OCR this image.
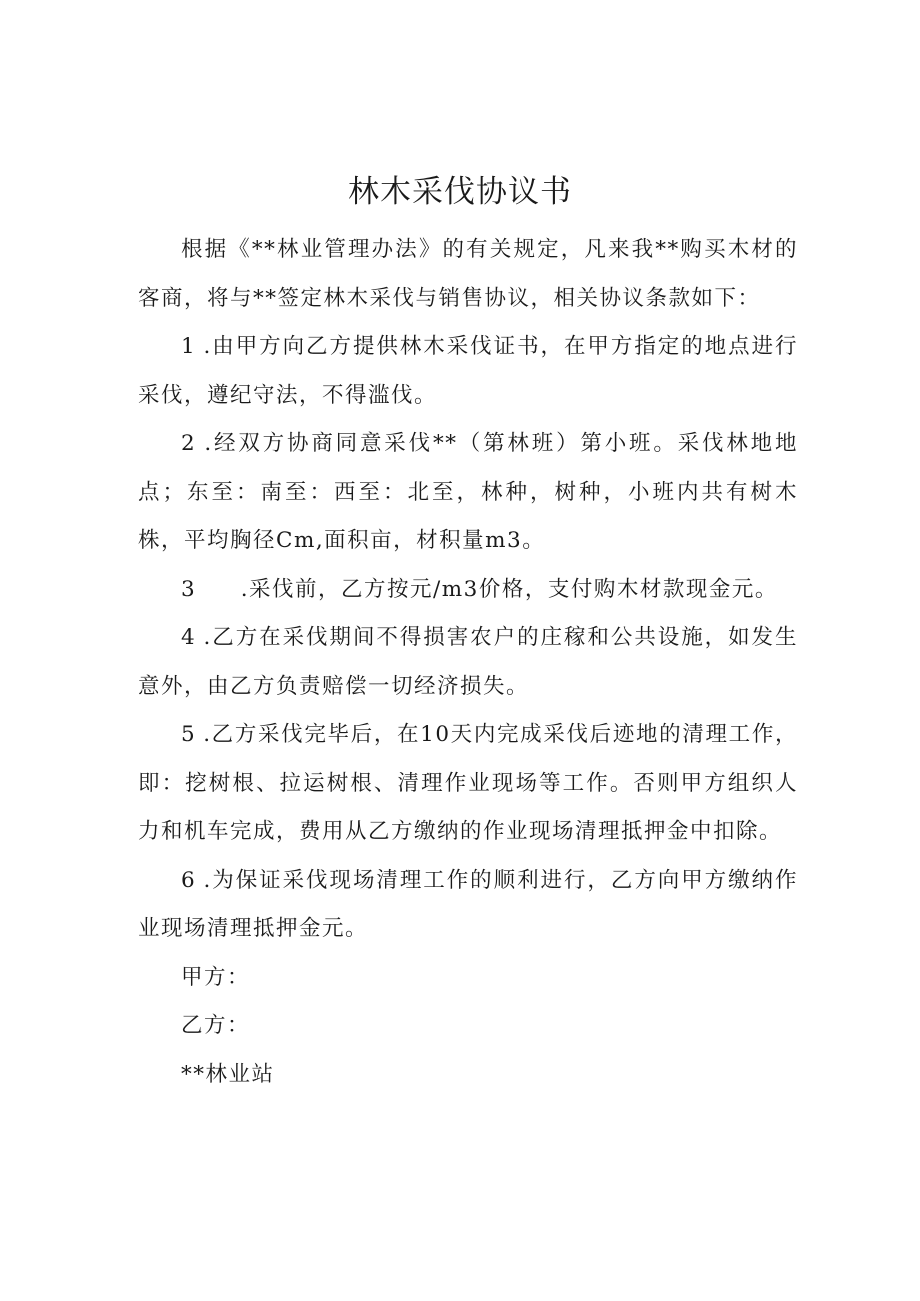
林木采伐协议书

根据《**林业管理办法》的有关规定，凡来我**购买木材的客商，将与**签定林木采伐与销售协议，相关协议条款如下：

1 .由甲方向乙方提供林木采伐证书，在甲方指定的地点进行采伐，遵纪守法，不得滥伐。

2 .经双方协商同意采伐**（第林班）第小班。采伐林地地点；东至：南至：西至：北至，林种，树种，小班内共有树木株，平均胸径Cm,面积亩，材积量m3。

3 .采伐前，乙方按元/m3价格，支付购木材款现金元。

4 .乙方在采伐期间不得损害农户的庄稼和公共设施，如发生意外，由乙方负责赔偿一切经济损失。

5 .乙方采伐完毕后，在10天内完成采伐后迹地的清理工作，即：挖树根、拉运树根、清理作业现场等工作。否则甲方组织人力和机车完成，费用从乙方缴纳的作业现场清理抵押金中扣除。

6 .为保证采伐现场清理工作的顺利进行，乙方向甲方缴纳作业现场清理抵押金元。

甲方：

乙方：

**林业站
